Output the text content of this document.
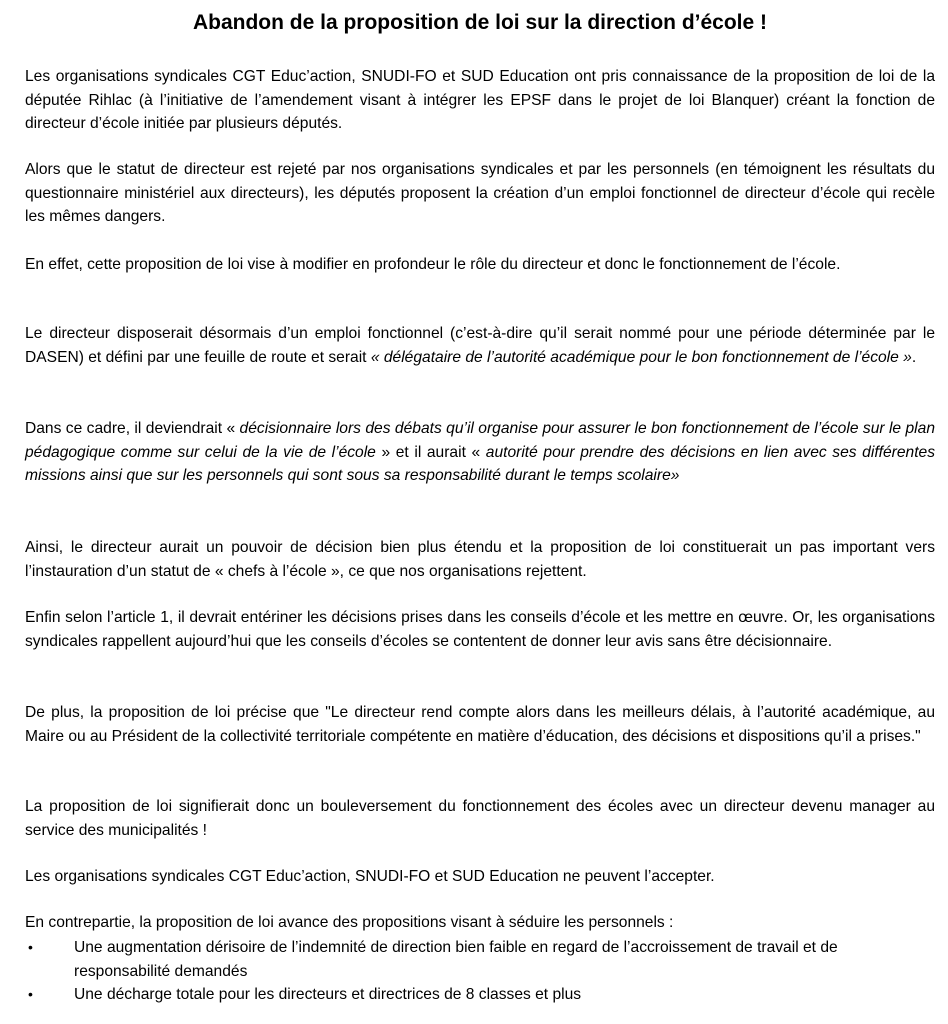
Abandon de la proposition de loi sur la direction d’école !

Les organisations syndicales CGT Educ’action, SNUDI-FO et SUD Education ont pris connaissance de la proposition de loi de la députée Rihlac (à l’initiative de l’amendement visant à intégrer les EPSF dans le projet de loi Blanquer) créant la fonction de directeur d’école initiée par plusieurs députés.

Alors que le statut de directeur est rejeté par nos organisations syndicales et par les personnels (en témoignent les résultats du questionnaire ministériel aux directeurs), les députés proposent la création d’un emploi fonctionnel de directeur d’école qui recèle les mêmes dangers.

En effet, cette proposition de loi vise à modifier en profondeur le rôle du directeur et donc le fonctionnement de l’école.

Le directeur disposerait désormais d’un emploi fonctionnel (c’est-à-dire qu’il serait nommé pour une période déterminée par le DASEN) et défini par une feuille de route et serait « délégataire de l’autorité académique pour le bon fonctionnement de l’école ».

Dans ce cadre, il deviendrait « décisionnaire lors des débats qu’il organise pour assurer le bon fonctionnement de l’école sur le plan pédagogique comme sur celui de la vie de l’école » et il aurait « autorité pour prendre des décisions en lien avec ses différentes missions ainsi que sur les personnels qui sont sous sa responsabilité durant le temps scolaire»

Ainsi, le directeur aurait un pouvoir de décision bien plus étendu et la proposition de loi constituerait un pas important vers l’instauration d’un statut de « chefs à l’école », ce que nos organisations rejettent.

Enfin selon l’article 1, il devrait entériner les décisions prises dans les conseils d’école et les mettre en œuvre. Or, les organisations syndicales rappellent aujourd’hui que les conseils d’écoles se contentent de donner leur avis sans être décisionnaire.

De plus, la proposition de loi précise que "Le directeur rend compte alors dans les meilleurs délais, à l’autorité académique, au Maire ou au Président de la collectivité territoriale compétente en matière d’éducation, des décisions et dispositions qu’il a prises."

La proposition de loi signifierait donc un bouleversement du fonctionnement des écoles avec un directeur devenu manager au service des municipalités !

Les organisations syndicales CGT Educ’action, SNUDI-FO et SUD Education ne peuvent l’accepter.

En contrepartie, la proposition de loi avance des propositions visant à séduire les personnels :

•	Une augmentation dérisoire de l’indemnité de direction bien faible en regard de l’accroissement de travail et de responsabilité demandés
•	Une décharge totale pour les directeurs et directrices de 8 classes et plus
